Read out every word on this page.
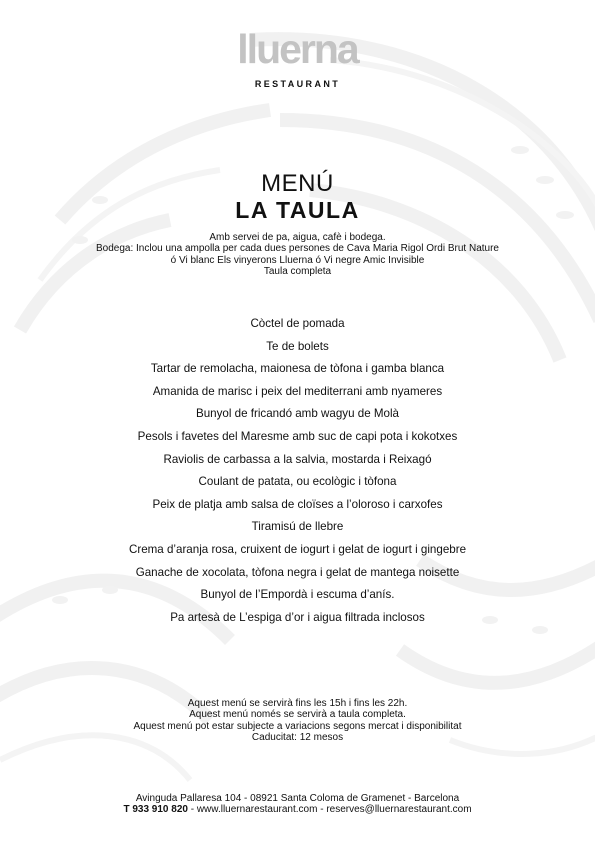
lluerna
RESTAURANT
MENÚ
LA TAULA
Amb servei de pa, aigua, cafè i bodega.
Bodega: Inclou una ampolla per cada dues persones de Cava Maria Rigol Ordi Brut Nature
ó Vi blanc Els vinyerons Lluerna ó Vi negre Amic Invisible
Taula completa
Còctel de pomada
Te de bolets
Tartar de remolacha, maionesa de tòfona i gamba blanca
Amanida de marisc i peix del mediterrani amb nyameres
Bunyol de fricandó amb wagyu de Molà
Pesols i favetes del Maresme amb suc de capi pota i kokotxes
Raviolis de carbassa a la salvia, mostarda i Reixagó
Coulant de patata, ou ecològic i tòfona
Peix de platja amb salsa de cloïses a l’oloroso i carxofes
Tiramisú de llebre
Crema d’aranja rosa, cruixent de iogurt i gelat de iogurt i gingebre
Ganache de xocolata, tòfona negra i gelat de mantega noisette
Bunyol de l’Empordà i escuma d’anís.
Pa artesà de L’espiga d’or i aigua filtrada inclosos
Aquest menú se servirà fins les 15h i fins les 22h.
Aquest menú només se servirà a taula completa.
Aquest menú pot estar subjecte a variacions segons mercat i disponibilitat
Caducitat: 12 mesos
Avinguda Pallaresa 104 - 08921 Santa Coloma de Gramenet - Barcelona
T 933 910 820 - www.lluernarestaurant.com - reserves@lluernarestaurant.com
